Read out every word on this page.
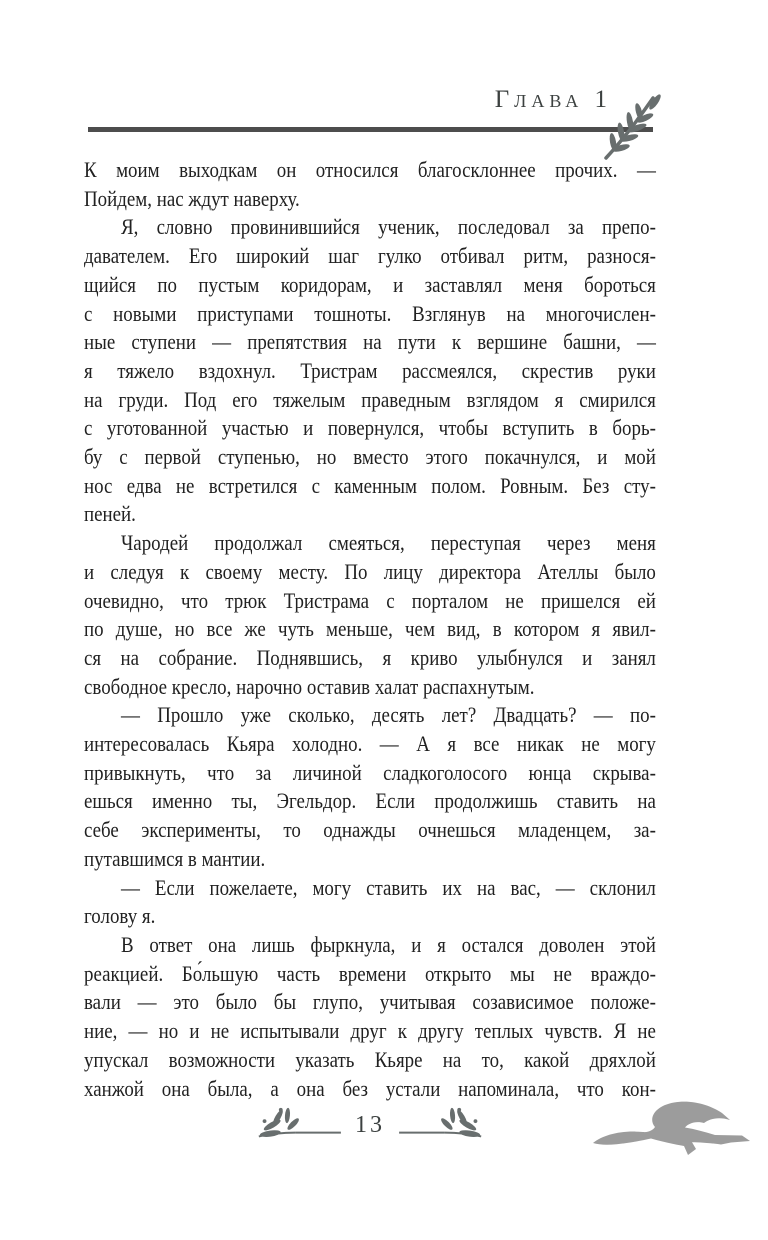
Глава 1
К моим выходкам он относился благосклоннее прочих. —
Пойдем, нас ждут наверху.
Я, словно провинившийся ученик, последовал за препо-
давателем. Его широкий шаг гулко отбивал ритм, разнося-
щийся по пустым коридорам, и заставлял меня бороться
с новыми приступами тошноты. Взглянув на многочислен-
ные ступени — препятствия на пути к вершине башни, —
я тяжело вздохнул. Тристрам рассмеялся, скрестив руки
на груди. Под его тяжелым праведным взглядом я смирился
с уготованной участью и повернулся, чтобы вступить в борь-
бу с первой ступенью, но вместо этого покачнулся, и мой
нос едва не встретился с каменным полом. Ровным. Без сту-
пеней.
Чародей продолжал смеяться, переступая через меня
и следуя к своему месту. По лицу директора Ателлы было
очевидно, что трюк Тристрама с порталом не пришелся ей
по душе, но все же чуть меньше, чем вид, в котором я явил-
ся на собрание. Поднявшись, я криво улыбнулся и занял
свободное кресло, нарочно оставив халат распахнутым.
— Прошло уже сколько, десять лет? Двадцать? — по-
интересовалась Кьяра холодно. — А я все никак не могу
привыкнуть, что за личиной сладкоголосого юнца скрыва-
ешься именно ты, Эгельдор. Если продолжишь ставить на
себе эксперименты, то однажды очнешься младенцем, за-
путавшимся в мантии.
— Если пожелаете, могу ставить их на вас, — склонил
голову я.
В ответ она лишь фыркнула, и я остался доволен этой
реакцией. Бо́льшую часть времени открыто мы не враждо-
вали — это было бы глупо, учитывая созависимое положе-
ние, — но и не испытывали друг к другу теплых чувств. Я не
упускал возможности указать Кьяре на то, какой дряхлой
ханжой она была, а она без устали напоминала, что кон-
13
